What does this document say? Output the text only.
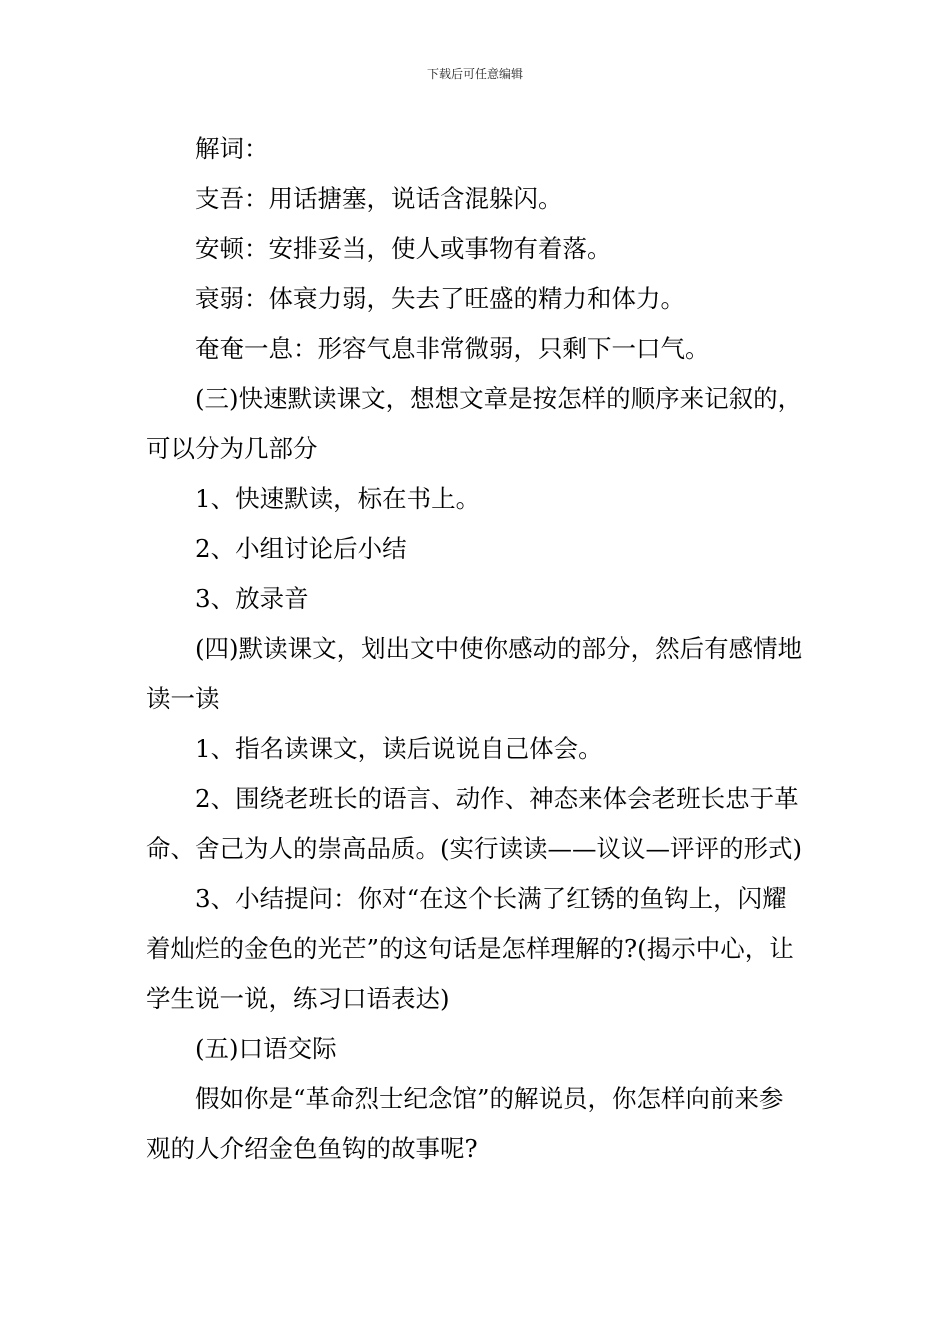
下载后可任意编辑

解词：

支吾：用话搪塞，说话含混躲闪。

安顿：安排妥当，使人或事物有着落。

衰弱：体衰力弱，失去了旺盛的精力和体力。

奄奄一息：形容气息非常微弱，只剩下一口气。

(三)快速默读课文，想想文章是按怎样的顺序来记叙的，可以分为几部分

1、快速默读，标在书上。

2、小组讨论后小结

3、放录音

(四)默读课文，划出文中使你感动的部分，然后有感情地读一读

1、指名读课文，读后说说自己体会。

2、围绕老班长的语言、动作、神态来体会老班长忠于革命、舍己为人的崇高品质。(实行读读——议议—评评的形式)

3、小结提问：你对“在这个长满了红锈的鱼钩上，闪耀着灿烂的金色的光芒”的这句话是怎样理解的?(揭示中心，让学生说一说，练习口语表达)

(五)口语交际

假如你是“革命烈士纪念馆”的解说员，你怎样向前来参观的人介绍金色鱼钩的故事呢?
